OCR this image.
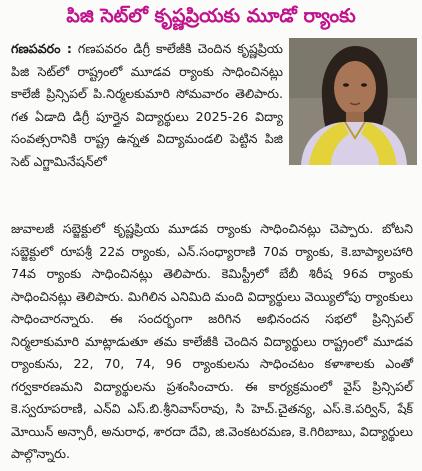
పిజి సెట్‌లో కృష్ణప్రియకు మూడో ర్యాంకు

గణపవరం : గణపవరం డిగ్రీ కాలేజీకి చెందిన కృష్ణప్రియ పిజి సెట్‌లో రాష్ట్రంలో మూడవ ర్యాంకు సాధించినట్లు కాలేజీ ప్రిన్సిపల్ పి.నిర్మలకుమారి సోమవారం తెలిపారు. గత ఏడాది డిగ్రీ పూర్తైన విద్యార్థులు 2025-26 విద్యా సంవత్సరానికి రాష్ట్ర ఉన్నత విద్యామండలి పెట్టిన పిజి సెట్ ఎగ్జామినేషన్‌లో

జువాలజీ సబ్జెక్టులో కృష్ణప్రియ మూడవ ర్యాంకు సాధించినట్లు చెప్పారు. బోటని సబ్జెక్టులో రూపశ్రీ 22వ ర్యాంకు, ఎన్.సంధ్యారాణి 70వ ర్యాంకు, కె.బాప్యాలహారి 74వ ర్యాంకు సాధించినట్లు తెలిపారు. కెమిస్ట్రీలో బేబీ శిరీష 96వ ర్యాంకు సాధించినట్లు తెలిపారు. మిగిలిన ఎనిమిది మంది విద్యార్థులు వెయ్యిలోపు ర్యాంకులు సాధించారన్నారు. ఈ సందర్భంగా జరిగిన అభినందన సభలో ప్రిన్సిపల్ నిర్మలాకుమారి మాట్లాడుతూ తమ కాలేజీకి చెందిన విద్యార్థులు రాష్ట్రంలో మూడవ ర్యాంకును, 22, 70, 74, 96 ర్యాంకులను సాధించటం కళాశాలకు ఎంతో గర్వకారణమని విద్యార్థులను ప్రశంసించారు. ఈ కార్యక్రమంలో వైస్ ప్రిన్సిపల్ కె.స్వరూపరాణి, ఎన్‌వి ఎస్.బి.శ్రీనివాస్‌రావు, సి హెచ్.చైతన్య, ఎస్.కె.పర్విన్, షేక్ మోయిన్ అన్సారీ, అనురాధ, శారదా దేవి, జి.వెంకటరమణ, కె.గిరిబాబు, విద్యార్థులు పాల్గొన్నారు.
